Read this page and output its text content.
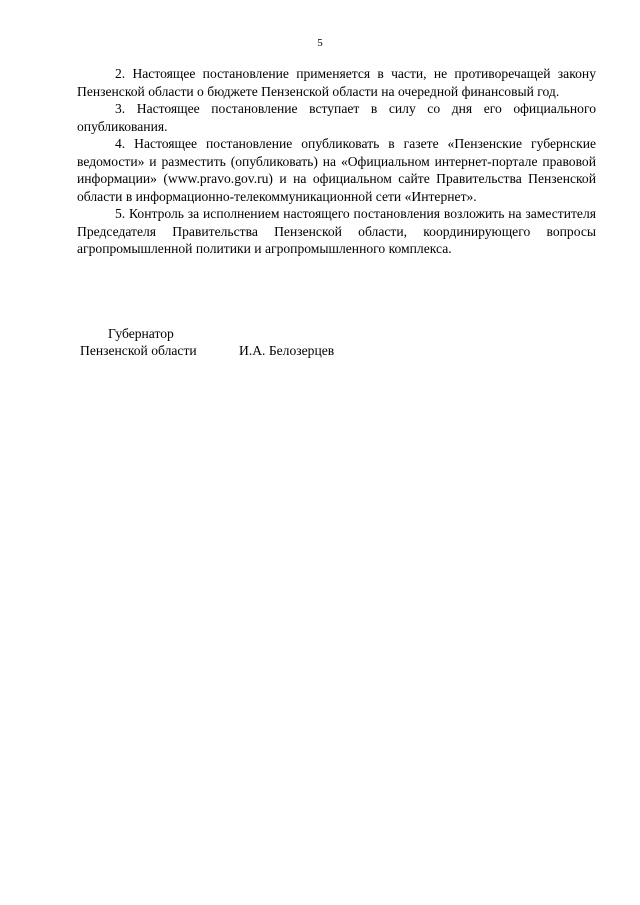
5

2. Настоящее постановление применяется в части, не противоречащей закону Пензенской области о бюджете Пензенской области на очередной финансовый год.

3. Настоящее постановление вступает в силу со дня его официального опубликования.

4. Настоящее постановление опубликовать в газете «Пензенские губернские ведомости» и разместить (опубликовать) на «Официальном интернет-портале правовой информации» (www.pravo.gov.ru) и на официальном сайте Правительства Пензенской области в информационно-телекоммуникационной сети «Интернет».

5. Контроль за исполнением настоящего постановления возложить на заместителя Председателя Правительства Пензенской области, координирующего вопросы агропромышленной политики и агропромышленного комплекса.

Губернатор
Пензенской области	И.А. Белозерцев
